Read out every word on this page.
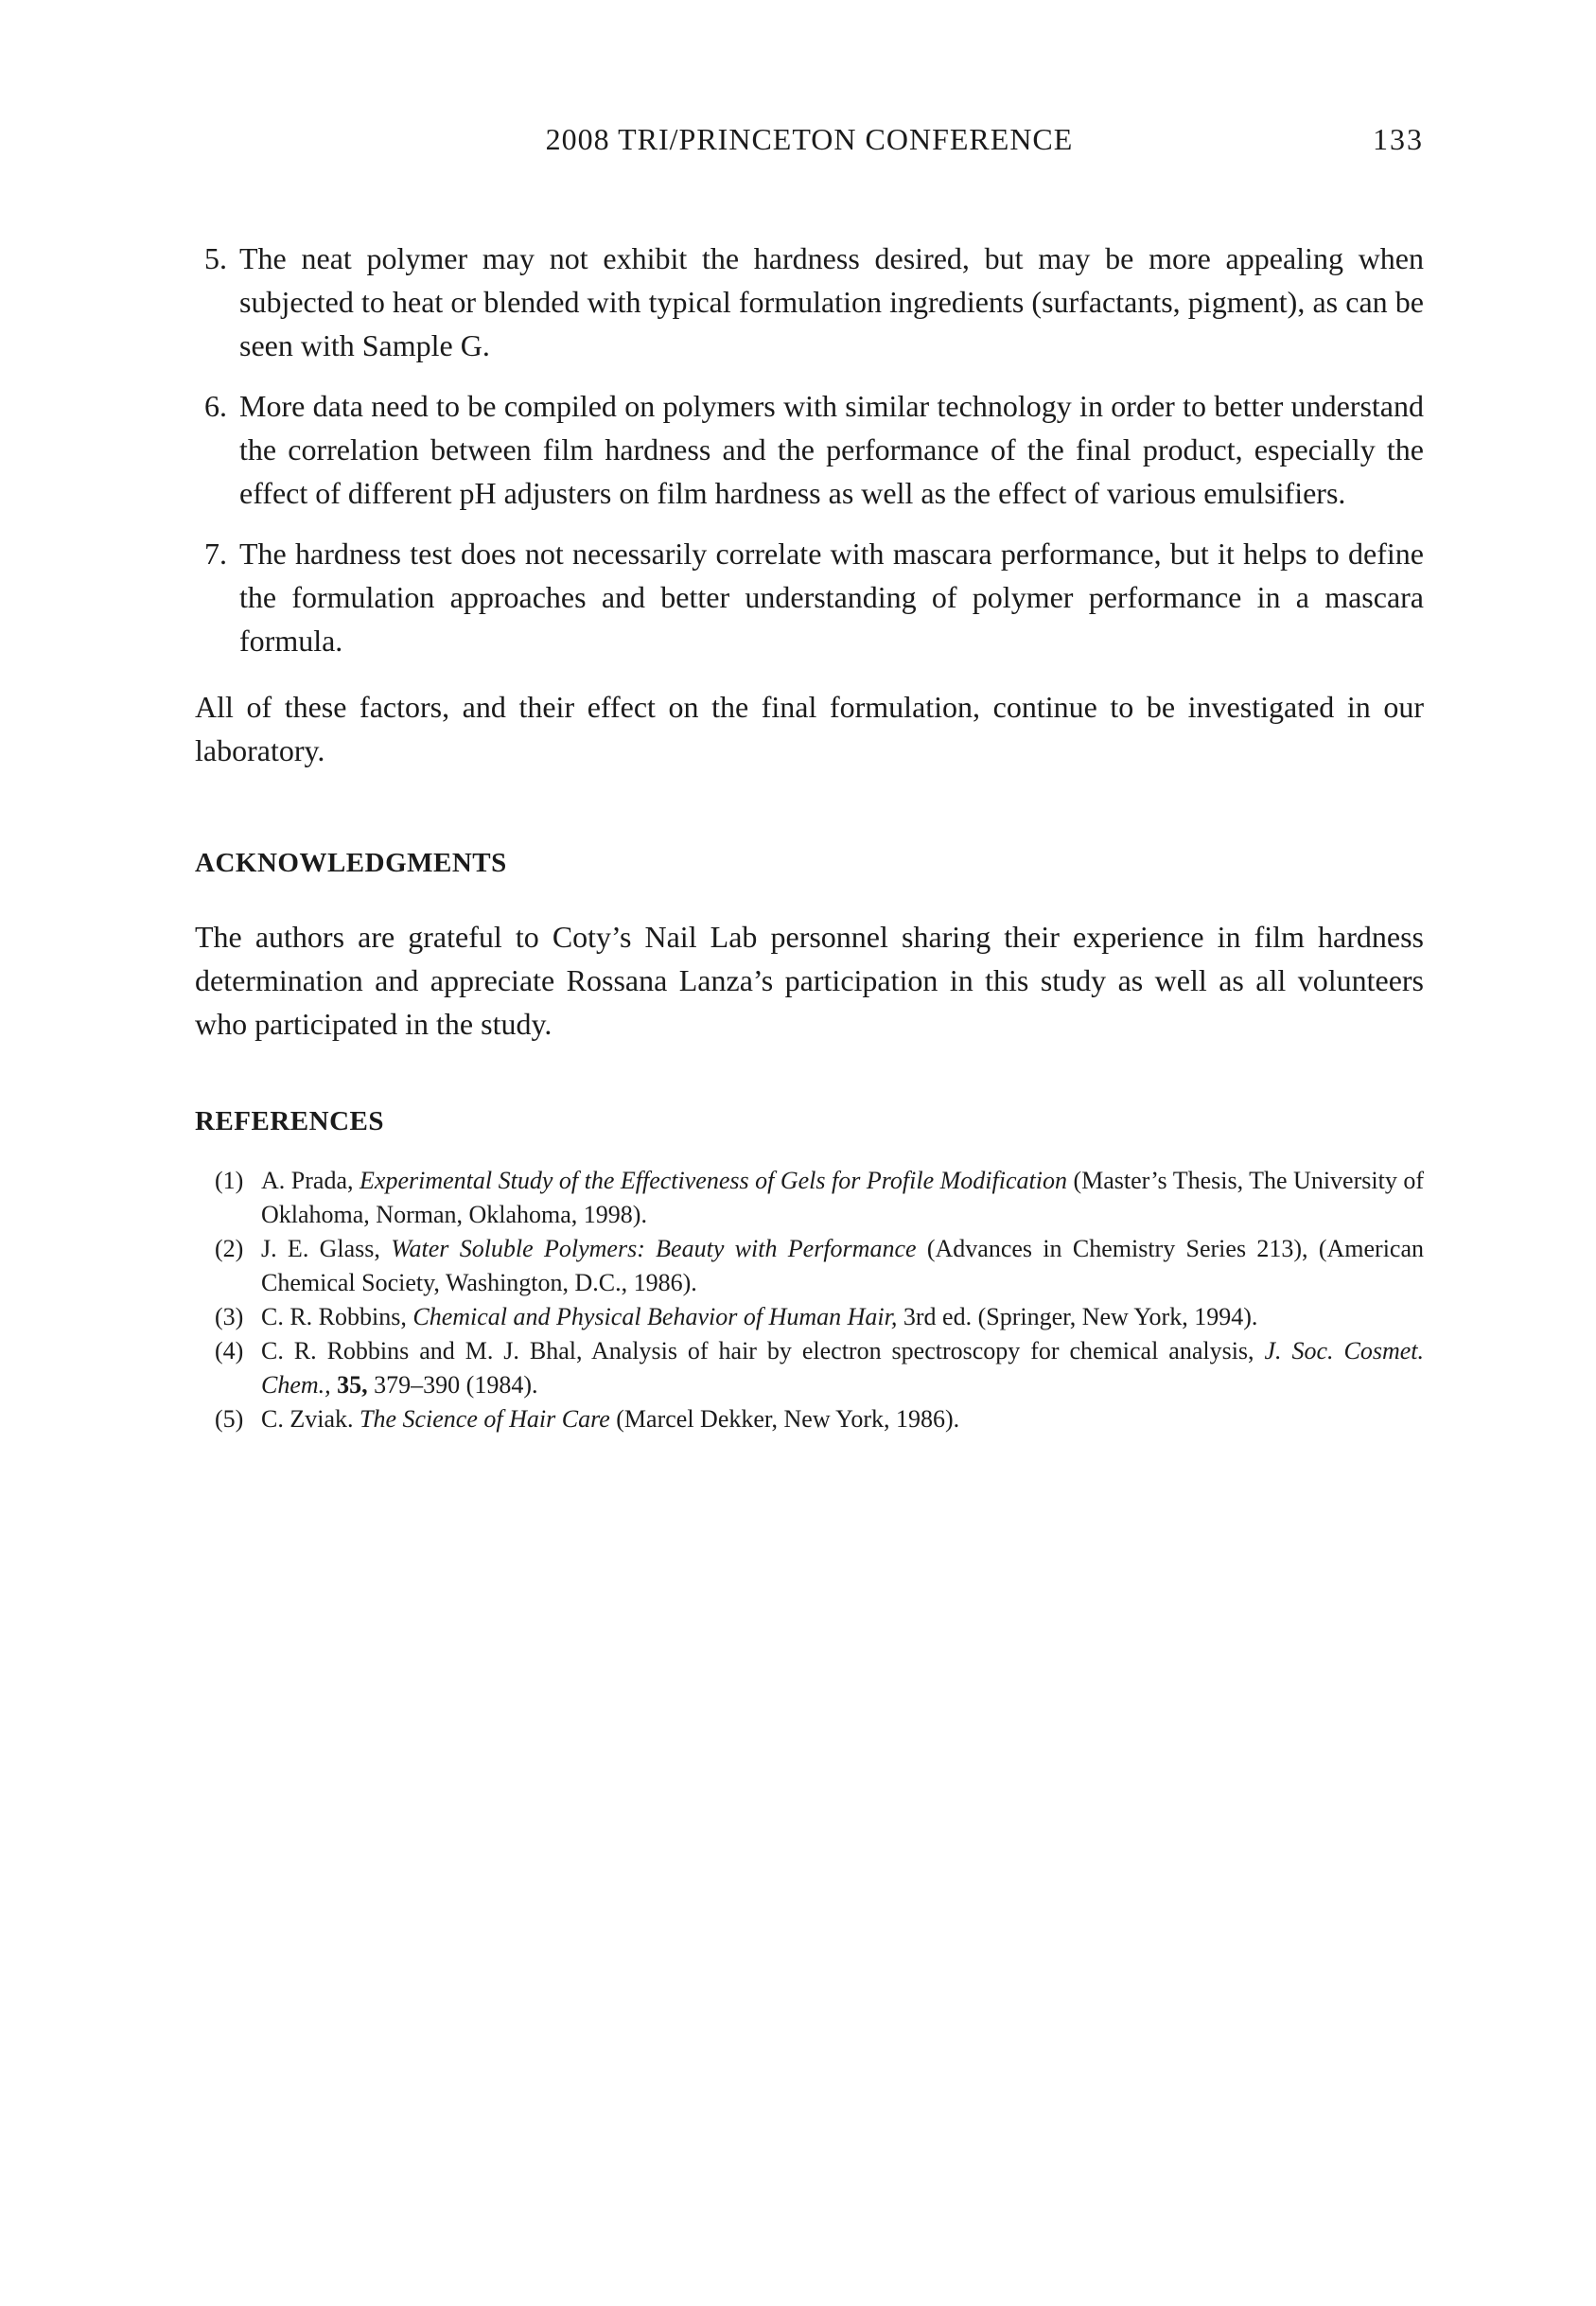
2008 TRI/PRINCETON CONFERENCE	133
5. The neat polymer may not exhibit the hardness desired, but may be more appealing when subjected to heat or blended with typical formulation ingredients (surfactants, pigment), as can be seen with Sample G.
6. More data need to be compiled on polymers with similar technology in order to better understand the correlation between film hardness and the performance of the final product, especially the effect of different pH adjusters on film hardness as well as the effect of various emulsifiers.
7. The hardness test does not necessarily correlate with mascara performance, but it helps to define the formulation approaches and better understanding of polymer performance in a mascara formula.
All of these factors, and their effect on the final formulation, continue to be investigated in our laboratory.
ACKNOWLEDGMENTS
The authors are grateful to Coty’s Nail Lab personnel sharing their experience in film hardness determination and appreciate Rossana Lanza’s participation in this study as well as all volunteers who participated in the study.
REFERENCES
(1) A. Prada, Experimental Study of the Effectiveness of Gels for Profile Modification (Master’s Thesis, The University of Oklahoma, Norman, Oklahoma, 1998).
(2) J. E. Glass, Water Soluble Polymers: Beauty with Performance (Advances in Chemistry Series 213), (American Chemical Society, Washington, D.C., 1986).
(3) C. R. Robbins, Chemical and Physical Behavior of Human Hair, 3rd ed. (Springer, New York, 1994).
(4) C. R. Robbins and M. J. Bhal, Analysis of hair by electron spectroscopy for chemical analysis, J. Soc. Cosmet. Chem., 35, 379–390 (1984).
(5) C. Zviak. The Science of Hair Care (Marcel Dekker, New York, 1986).
